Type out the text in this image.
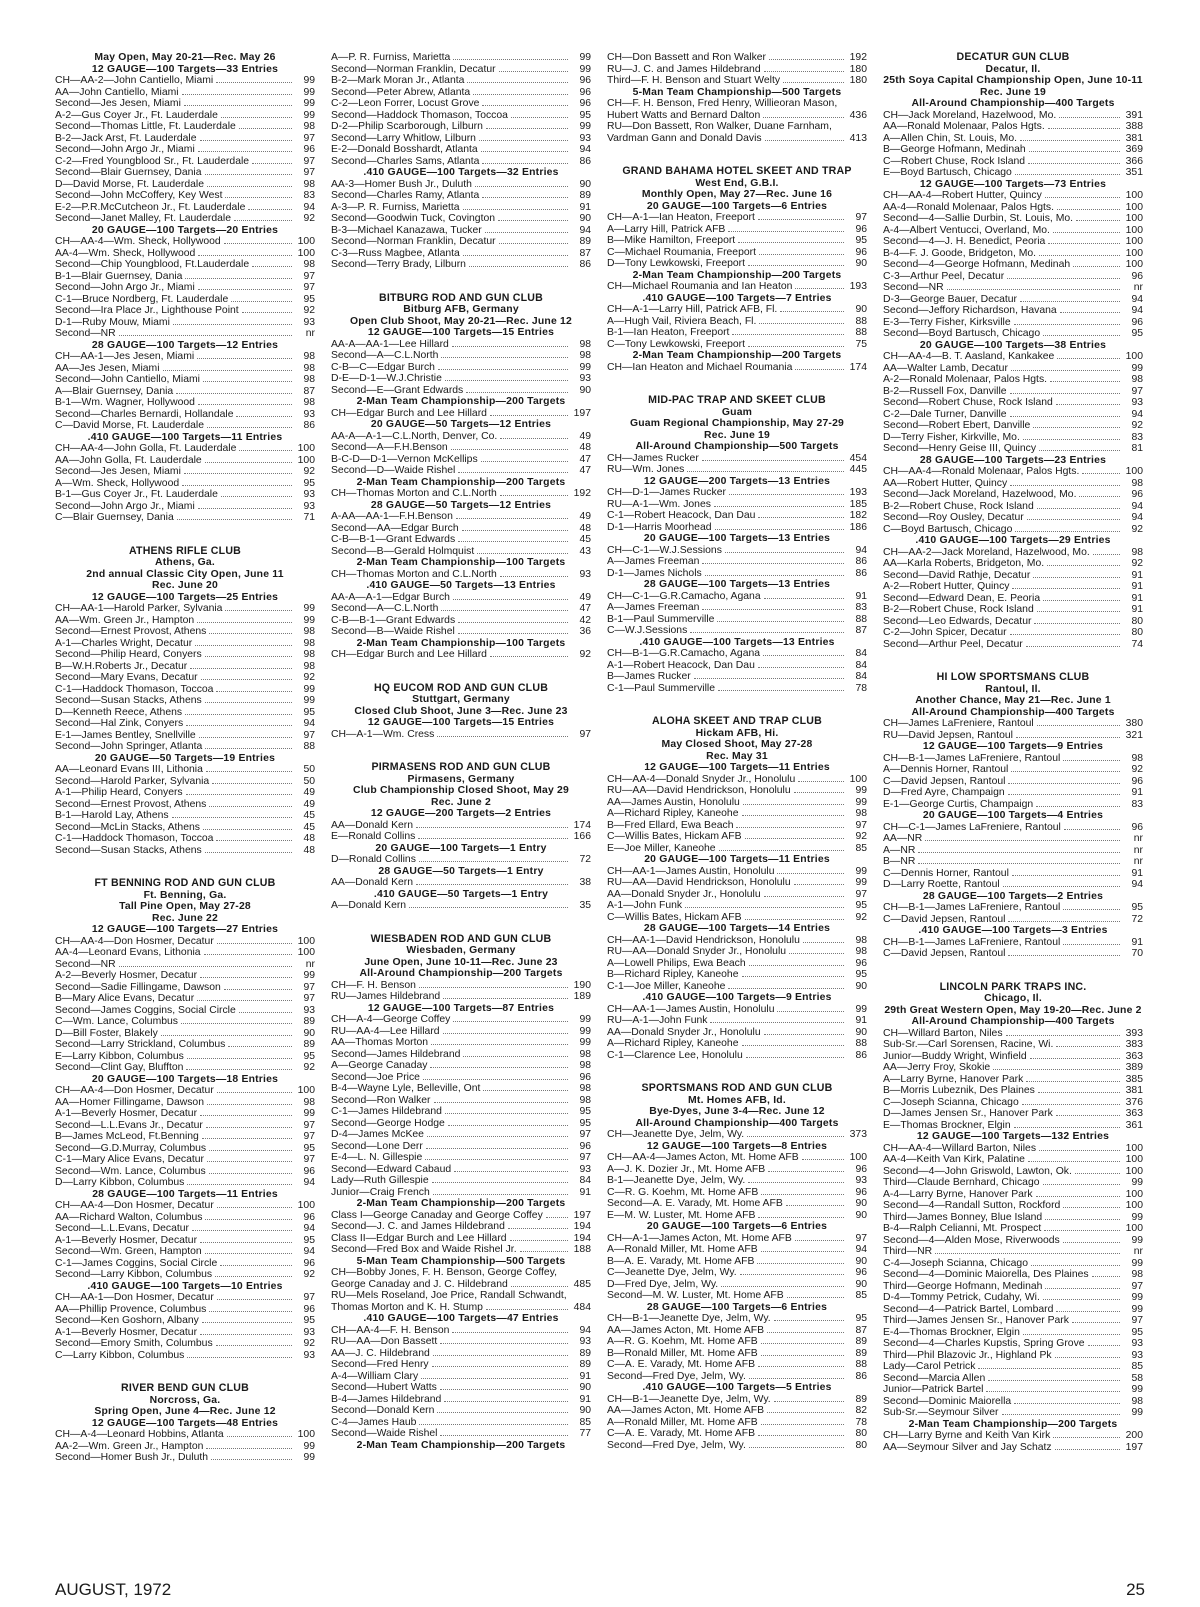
May Open, May 20-21—Rec. May 26
12 GAUGE—100 Targets—33 Entries
CH—AA-2—John Cantiello, Miami	99
AA—John Cantiello, Miami	99
Second—Jes Jesen, Miami	99
A-2—Gus Coyer Jr., Ft. Lauderdale	99
Second—Thomas Little, Ft. Lauderdale	98
B-2—Jack Arst, Ft. Lauderdale	97
Second—John Argo Jr., Miami	96
C-2—Fred Youngblood Sr., Ft. Lauderdale	97
Second—Blair Guernsey, Dania	97
D—David Morse, Ft. Lauderdale	98
Second—John McCoffery, Key West	83
E-2—P.R.McCutcheon Jr., Ft. Lauderdale	94
Second—Janet Malley, Ft. Lauderdale	92
20 GAUGE—100 Targets—20 Entries
CH—AA-4—Wm. Sheck, Hollywood	100
AA-4—Wm. Sheck, Hollywood	100
Second—Chip Youngblood, Ft.Lauderdale	98
B-1—Blair Guernsey, Dania	97
Second—John Argo Jr., Miami	97
C-1—Bruce Nordberg, Ft. Lauderdale	95
Second—Ira Place Jr., Lighthouse Point	92
D-1—Ruby Mouw, Miami	93
Second—NR	nr
28 GAUGE—100 Targets—12 Entries
CH—AA-1—Jes Jesen, Miami	98
AA—Jes Jesen, Miami	98
Second—John Cantiello, Miami	98
A—Blair Guernsey, Dania	87
B-1—Wm. Wagner, Hollywood	98
Second—Charles Bernardi, Hollandale	93
C—David Morse, Ft. Lauderdale	86
.410 GAUGE—100 Targets—11 Entries
CH—AA-4—John Golla, Ft. Lauderdale	100
AA—John Golla, Ft. Lauderdale	100
Second—Jes Jesen, Miami	92
A—Wm. Sheck, Hollywood	95
B-1—Gus Coyer Jr., Ft. Lauderdale	93
Second—John Argo Jr., Miami	93
C—Blair Guernsey, Dania	71
ATHENS RIFLE CLUB
Athens, Ga.
2nd annual Classic City Open, June 11
Rec. June 20
12 GAUGE—100 Targets—25 Entries
CH—AA-1—Harold Parker, Sylvania	99
AA—Wm. Green Jr., Hampton	99
Second—Ernest Provost, Athens	98
A-1—Charles Wright, Decatur	98
Second—Philip Heard, Conyers	98
B—W.H.Roberts Jr., Decatur	98
Second—Mary Evans, Decatur	92
C-1—Haddock Thomason, Toccoa	99
Second—Susan Stacks, Athens	99
D—Kenneth Reece, Athens	95
Second—Hal Zink, Conyers	94
E-1—James Bentley, Snellville	97
Second—John Springer, Atlanta	88
20 GAUGE—50 Targets—19 Entries
AA—Leonard Evans III, Lithonia	50
Second—Harold Parker, Sylvania	50
A-1—Philip Heard, Conyers	49
Second—Ernest Provost, Athens	49
B-1—Harold Lay, Athens	45
Second—McLin Stacks, Athens	45
C-1—Haddock Thomason, Toccoa	48
Second—Susan Stacks, Athens	48
FT BENNING ROD AND GUN CLUB
Ft. Benning, Ga.
Tall Pine Open, May 27-28
Rec. June 22
12 GAUGE—100 Targets—27 Entries
CH—AA-4—Don Hosmer, Decatur	100
AA-4—Leonard Evans, Lithonia	100
Second—NR	nr
A-2—Beverly Hosmer, Decatur	99
Second—Sadie Fillingame, Dawson	97
B—Mary Alice Evans, Decatur	97
Second—James Coggins, Social Circle	93
C—Wm. Lance, Columbus	89
D—Bill Foster, Blakely	90
Second—Larry Strickland, Columbus	89
E—Larry Kibbon, Columbus	95
Second—Clint Gay, Bluffton	92
20 GAUGE—100 Targets—18 Entries
CH—AA-4—Don Hosmer, Decatur	100
AA—Homer Fillingame, Dawson	98
A-1—Beverly Hosmer, Decatur	99
Second—L.L.Evans Jr., Decatur	97
B—James McLeod, Ft.Benning	97
Second—G.D.Murray, Columbus	95
C-1—Mary Alice Evans, Decatur	97
Second—Wm. Lance, Columbus	96
D—Larry Kibbon, Columbus	94
28 GAUGE—100 Targets—11 Entries
CH—AA-4—Don Hosmer, Decatur	100
AA—Richard Walton, Columbus	96
Second—L.L.Evans, Decatur	94
A-1—Beverly Hosmer, Decatur	95
Second—Wm. Green, Hampton	94
C-1—James Coggins, Social Circle	96
Second—Larry Kibbon, Columbus	92
.410 GAUGE—100 Targets—10 Entries
CH—AA-1—Don Hosmer, Decatur	97
AA—Phillip Provence, Columbus	96
Second—Ken Goshorn, Albany	95
A-1—Beverly Hosmer, Decatur	93
Second—Emory Smith, Columbus	92
C—Larry Kibbon, Columbus	93
RIVER BEND GUN CLUB
Norcross, Ga.
Spring Open, June 4—Rec. June 12
12 GAUGE—100 Targets—48 Entries
CH—A-4—Leonard Hobbins, Atlanta	100
AA-2—Wm. Green Jr., Hampton	99
Second—Homer Bush Jr., Duluth	99
A—P. R. Furniss, Marietta	99
Second—Norman Franklin, Decatur	99
B-2—Mark Moran Jr., Atlanta	96
Second—Peter Abrew, Atlanta	96
C-2—Leon Forrer, Locust Grove	96
Second—Haddock Thomason, Toccoa	95
D-2—Philip Scarborough, Lilburn	99
Second—Larry Whitlow, Lilburn	93
E-2—Donald Bosshardt, Atlanta	94
Second—Charles Sams, Atlanta	86
.410 GAUGE—100 Targets—32 Entries
AA-3—Homer Bush Jr., Duluth	90
Second—Charles Ramy, Atlanta	89
A-3—P. R. Furniss, Marietta	91
Second—Goodwin Tuck, Covington	90
B-3—Michael Kanazawa, Tucker	94
Second—Norman Franklin, Decatur	89
C-3—Russ Magbee, Atlanta	87
Second—Terry Brady, Lilburn	86
BITBURG ROD AND GUN CLUB
Bitburg AFB, Germany
Open Club Shoot, May 20-21—Rec. June 12
12 GAUGE—100 Targets—15 Entries
AA-A—AA-1—Lee Hillard	98
Second—A—C.L.North	98
C-B—C—Edgar Burch	99
D-E—D-1—W.J.Christie	93
Second—E—Grant Edwards	90
2-Man Team Championship—200 Targets
CH—Edgar Burch and Lee Hillard	197
20 GAUGE—50 Targets—12 Entries
AA-A—A-1—C.L.North, Denver, Co.	49
Second—A—F.H.Benson	48
B-C-D—D-1—Vernon McKellips	47
Second—D—Waide Rishel	47
2-Man Team Championship—200 Targets
CH—Thomas Morton and C.L.North	192
28 GAUGE—50 Targets—12 Entries
A-AA—AA-1—F.H.Benson	49
Second—AA—Edgar Burch	48
C-B—B-1—Grant Edwards	45
Second—B—Gerald Holmquist	43
2-Man Team Championship—100 Targets
CH—Thomas Morton and C.L.North	93
.410 GAUGE—50 Targets—13 Entries
AA-A—A-1—Edgar Burch	49
Second—A—C.L.North	47
C-B—B-1—Grant Edwards	42
Second—B—Waide Rishel	36
2-Man Team Championship—100 Targets
CH—Edgar Burch and Lee Hillard	92
HQ EUCOM ROD AND GUN CLUB
Stuttgart, Germany
Closed Club Shoot, June 3—Rec. June 23
12 GAUGE—100 Targets—15 Entries
CH—A-1—Wm. Cress	97
PIRMASENS ROD AND GUN CLUB
Pirmasens, Germany
Club Championship Closed Shoot, May 29
Rec. June 2
12 GAUGE—200 Targets—2 Entries
AA—Donald Kern	174
E—Ronald Collins	166
20 GAUGE—100 Targets—1 Entry
D—Ronald Collins	72
28 GAUGE—50 Targets—1 Entry
AA—Donald Kern	38
.410 GAUGE—50 Targets—1 Entry
A—Donald Kern	35
WIESBADEN ROD AND GUN CLUB
Wiesbaden, Germany
June Open, June 10-11—Rec. June 23
All-Around Championship—200 Targets
CH—F. H. Benson	190
RU—James Hildebrand	189
12 GAUGE—100 Targets—87 Entries
CH—A-4—George Coffey	99
RU—AA-4—Lee Hillard	99
AA—Thomas Morton	99
Second—James Hildebrand	98
A—George Canaday	98
Second—Joe Price	96
B-4—Wayne Lyle, Belleville, Ont	98
Second—Ron Walker	98
C-1—James Hildebrand	95
Second—George Hodge	95
D-4—James McKee	97
Second—Lone Derr	96
E-4—L. N. Gillespie	97
Second—Edward Cabaud	93
Lady—Ruth Gillespie	84
Junior—Craig French	91
2-Man Team Championship—200 Targets
Class I—George Canaday and George Coffey	197
Second—J. C. and James Hildebrand	194
Class II—Edgar Burch and Lee Hillard	194
Second—Fred Box and Waide Rishel Jr.	188
5-Man Team Championship—500 Targets
CH—Bobby Jones, F. H. Benson, George Coffey,
George Canaday and J. C. Hildebrand	485
RU—Mels Roseland, Joe Price, Randall Schwandt,
Thomas Morton and K. H. Stump	484
.410 GAUGE—100 Targets—47 Entries
CH—AA-4—F. H. Benson	94
RU—AA—Don Bassett	93
AA—J. C. Hildebrand	89
Second—Fred Henry	89
A-4—William Clary	91
Second—Hubert Watts	90
B-4—James Hildebrand	91
Second—Donald Kern	90
C-4—James Haub	85
Second—Waide Rishel	77
2-Man Team Championship—200 Targets
CH—Don Bassett and Ron Walker	192
RU—J. C. and James Hildebrand	180
Third—F. H. Benson and Stuart Welty	180
5-Man Team Championship—500 Targets
CH—F. H. Benson, Fred Henry, Willieoran Mason,
Hubert Watts and Bernard Dalton	436
RU—Don Bassett, Ron Walker, Duane Farnham,
Vardman Gann and Donald Davis	413
GRAND BAHAMA HOTEL SKEET AND TRAP
West End, G.B.I.
Monthly Open, May 27—Rec. June 16
20 GAUGE—100 Targets—6 Entries
CH—A-1—Ian Heaton, Freeport	97
A—Larry Hill, Patrick AFB	96
B—Mike Hamilton, Freeport	95
C—Michael Roumania, Freeport	96
D—Tony Lewkowski, Freeport	90
2-Man Team Championship—200 Targets
CH—Michael Roumania and Ian Heaton	193
.410 GAUGE—100 Targets—7 Entries
CH—A-1—Larry Hill, Patrick AFB, Fl.	90
A—Hugh Vail, Riviera Beach, Fl.	88
B-1—Ian Heaton, Freeport	88
C—Tony Lewkowski, Freeport	75
2-Man Team Championship—200 Targets
CH—Ian Heaton and Michael Roumania	174
MID-PAC TRAP AND SKEET CLUB
Guam
Guam Regional Championship, May 27-29
Rec. June 19
All-Around Championship—500 Targets
CH—James Rucker	454
RU—Wm. Jones	445
12 GAUGE—200 Targets—13 Entries
CH—D-1—James Rucker	193
RU—A-1—Wm. Jones	185
C-1—Robert Heacock, Dan Dau	182
D-1—Harris Moorhead	186
20 GAUGE—100 Targets—13 Entries
CH—C-1—W.J.Sessions	94
A—James Freeman	86
D-1—James Nichols	86
28 GAUGE—100 Targets—13 Entries
CH—C-1—G.R.Camacho, Agana	91
A—James Freeman	83
B-1—Paul Summerville	88
C—W.J.Sessions	87
.410 GAUGE—100 Targets—13 Entries
CH—B-1—G.R.Camacho, Agana	84
A-1—Robert Heacock, Dan Dau	84
B—James Rucker	84
C-1—Paul Summerville	78
ALOHA SKEET AND TRAP CLUB
Hickam AFB, Hi.
May Closed Shoot, May 27-28
Rec. May 31
12 GAUGE—100 Targets—11 Entries
CH—AA-4—Donald Snyder Jr., Honolulu	100
RU—AA—David Hendrickson, Honolulu	99
AA—James Austin, Honolulu	99
A—Richard Ripley, Kaneohe	98
B—Fred Ellard, Ewa Beach	97
C—Willis Bates, Hickam AFB	92
E—Joe Miller, Kaneohe	85
20 GAUGE—100 Targets—11 Entries
CH—AA-1—James Austin, Honolulu	99
RU—AA—David Hendrickson, Honolulu	99
AA—Donald Snyder Jr., Honolulu	97
A-1—John Funk	95
C—Willis Bates, Hickam AFB	92
28 GAUGE—100 Targets—14 Entries
CH—AA-1—David Hendrickson, Honolulu	98
RU—AA—Donald Snyder Jr., Honolulu	98
A—Lowell Philips, Ewa Beach	96
B—Richard Ripley, Kaneohe	95
C-1—Joe Miller, Kaneohe	90
.410 GAUGE—100 Targets—9 Entries
CH—AA-1—James Austin, Honolulu	99
RU—A-1—John Funk	91
AA—Donald Snyder Jr., Honolulu	90
A—Richard Ripley, Kaneohe	88
C-1—Clarence Lee, Honolulu	86
SPORTSMANS ROD AND GUN CLUB
Mt. Homes AFB, Id.
Bye-Dyes, June 3-4—Rec. June 12
All-Around Championship—400 Targets
CH—Jeanette Dye, Jelm, Wy.	373
12 GAUGE—100 Targets—8 Entries
CH—AA-4—James Acton, Mt. Home AFB	100
A—J. K. Dozier Jr., Mt. Home AFB	96
B-1—Jeanette Dye, Jelm, Wy.	93
C—R. G. Koehm, Mt. Home AFB	96
Second—A. E. Varady, Mt. Home AFB	90
E—M. W. Luster, Mt. Home AFB	90
20 GAUGE—100 Targets—6 Entries
CH—A-1—James Acton, Mt. Home AFB	97
A—Ronald Miller, Mt. Home AFB	94
B—A. E. Varady, Mt. Home AFB	90
C—Jeanette Dye, Jelm, Wy.	96
D—Fred Dye, Jelm, Wy.	90
Second—M. W. Luster, Mt. Home AFB	85
28 GAUGE—100 Targets—6 Entries
CH—B-1—Jeanette Dye, Jelm, Wy.	95
AA—James Acton, Mt. Home AFB	87
A—R. G. Koehm, Mt. Home AFB	89
B—Ronald Miller, Mt. Home AFB	89
C—A. E. Varady, Mt. Home AFB	88
Second—Fred Dye, Jelm, Wy.	86
.410 GAUGE—100 Targets—5 Entries
CH—B-1—Jeanette Dye, Jelm, Wy.	89
AA—James Acton, Mt. Home AFB	82
A—Ronald Miller, Mt. Home AFB	78
C—A. E. Varady, Mt. Home AFB	80
Second—Fred Dye, Jelm, Wy.	80
DECATUR GUN CLUB
Decatur, Il.
25th Soya Capital Championship Open, June 10-11
Rec. June 19
All-Around Championship—400 Targets
CH—Jack Moreland, Hazelwood, Mo.	391
AA—Ronald Molenaar, Palos Hgts.	388
A—Allen Chin, St. Louis, Mo.	381
B—George Hofmann, Medinah	369
C—Robert Chuse, Rock Island	366
E—Boyd Bartusch, Chicago	351
12 GAUGE—100 Targets—73 Entries
CH—AA-4—Robert Hutter, Quincy	100
AA-4—Ronald Molenaar, Palos Hgts.	100
Second—4—Sallie Durbin, St. Louis, Mo.	100
A-4—Albert Ventucci, Overland, Mo.	100
Second—4—J. H. Benedict, Peoria	100
B-4—F. J. Goode, Bridgeton, Mo.	100
Second—4—George Hofmann, Medinah	100
C-3—Arthur Peel, Decatur	96
Second—NR	nr
D-3—George Bauer, Decatur	94
Second—Jeffory Richardson, Havana	94
E-3—Terry Fisher, Kirksville	96
Second—Boyd Bartusch, Chicago	95
20 GAUGE—100 Targets—38 Entries
CH—AA-4—B. T. Aasland, Kankakee	100
AA—Walter Lamb, Decatur	99
A-2—Ronald Molenaar, Palos Hgts.	98
B-2—Russell Fox, Danville	97
Second—Robert Chuse, Rock Island	93
C-2—Dale Turner, Danville	94
Second—Robert Ebert, Danville	92
D—Terry Fisher, Kirkville, Mo.	83
Second—Henry Geise III, Quincy	81
28 GAUGE—100 Targets—23 Entries
CH—AA-4—Ronald Molenaar, Palos Hgts.	100
AA—Robert Hutter, Quincy	98
Second—Jack Moreland, Hazelwood, Mo.	96
B-2—Robert Chuse, Rock Island	94
Second—Roy Ousley, Decatur	94
C—Boyd Bartusch, Chicago	92
.410 GAUGE—100 Targets—29 Entries
CH—AA-2—Jack Moreland, Hazelwood, Mo.	98
AA—Karla Roberts, Bridgeton, Mo.	92
Second—David Rathje, Decatur	91
A-2—Robert Hutter, Quincy	91
Second—Edward Dean, E. Peoria	91
B-2—Robert Chuse, Rock Island	91
Second—Leo Edwards, Decatur	80
C-2—John Spicer, Decatur	80
Second—Arthur Peel, Decatur	74
HI LOW SPORTSMANS CLUB
Rantoul, Il.
Another Chance, May 21—Rec. June 1
All-Around Championship—400 Targets
CH—James LaFreniere, Rantoul	380
RU—David Jepsen, Rantoul	321
12 GAUGE—100 Targets—9 Entries
CH—B-1—James LaFreniere, Rantoul	98
A—Dennis Horner, Rantoul	92
C—David Jepsen, Rantoul	96
D—Fred Ayre, Champaign	91
E-1—George Curtis, Champaign	83
20 GAUGE—100 Targets—4 Entries
CH—C-1—James LaFreniere, Rantoul	96
AA—NR	nr
A—NR	nr
B—NR	nr
C—Dennis Horner, Rantoul	91
D—Larry Roette, Rantoul	94
28 GAUGE—100 Targets—2 Entries
CH—B-1—James LaFreniere, Rantoul	95
C—David Jepsen, Rantoul	72
.410 GAUGE—100 Targets—3 Entries
CH—B-1—James LaFreniere, Rantoul	91
C—David Jepsen, Rantoul	70
LINCOLN PARK TRAPS INC.
Chicago, Il.
29th Great Western Open, May 19-20—Rec. June 2
All-Around Championship—400 Targets
CH—Willard Barton, Niles	393
Sub-Sr.—Carl Sorensen, Racine, Wi.	383
Junior—Buddy Wright, Winfield	363
AA—Jerry Froy, Skokie	389
A—Larry Byrne, Hanover Park	385
B—Morris Lubeznik, Des Plaines	381
C—Joseph Scianna, Chicago	376
D—James Jensen Sr., Hanover Park	363
E—Thomas Brockner, Elgin	361
12 GAUGE—100 Targets—132 Entries
CH—AA-4—Willard Barton, Niles	100
AA-4—Keith Van Kirk, Palatine	100
Second—4—John Griswold, Lawton, Ok.	100
Third—Claude Bernhard, Chicago	99
A-4—Larry Byrne, Hanover Park	100
Second—4—Randall Sutton, Rockford	100
Third—James Bonney, Blue Island	99
B-4—Ralph Celianni, Mt. Prospect	100
Second—4—Alden Mose, Riverwoods	99
Third—NR	nr
C-4—Joseph Scianna, Chicago	99
Second—4—Dominic Maiorella, Des Plaines	98
Third—George Hofmann, Medinah	97
D-4—Tommy Petrick, Cudahy, Wi.	99
Second—4—Patrick Bartel, Lombard	99
Third—James Jensen Sr., Hanover Park	97
E-4—Thomas Brockner, Elgin	95
Second—4—Charles Kupstis, Spring Grove	93
Third—Phil Blazovic Jr., Highland Pk	93
Lady—Carol Petrick	85
Second—Marcia Allen	58
Junior—Patrick Bartel	99
Second—Dominic Maiorella	98
Sub-Sr.—Seymour Silver	99
2-Man Team Championship—200 Targets
CH—Larry Byrne and Keith Van Kirk	200
AA—Seymour Silver and Jay Schatz	197
AUGUST, 1972	25
